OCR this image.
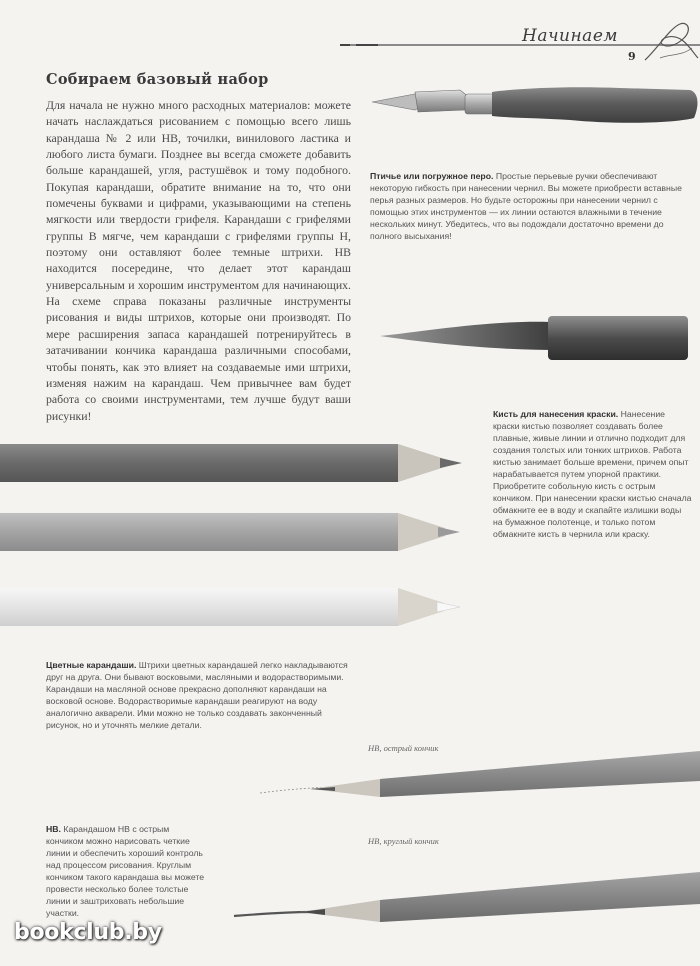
Начинаем
9
Собираем базовый набор

Для начала не нужно много расходных материалов: можете начать наслаждаться рисованием с помощью всего лишь карандаша № 2 или НВ, точилки, винилового ластика и любого листа бумаги. Позднее вы всегда сможете добавить больше карандашей, угля, растушёвок и тому подобного. Покупая карандаши, обратите внимание на то, что они помечены буквами и цифрами, указывающими на степень мягкости или твердости грифеля. Карандаши с грифелями группы В мягче, чем карандаши с грифелями группы Н, поэтому они оставляют более темные штрихи. НВ находится посередине, что делает этот карандаш универсальным и хорошим инструментом для начинающих. На схеме справа показаны различные инструменты рисования и виды штрихов, которые они производят. По мере расширения запаса карандашей потренируйтесь в затачивании кончика карандаша различными способами, чтобы понять, как это влияет на создаваемые ими штрихи, изменяя нажим на карандаш. Чем привычнее вам будет работа со своими инструментами, тем лучше будут ваши рисунки!

Птичье или погружное перо. Простые перьевые ручки обеспечивают некоторую гибкость при нанесении чернил. Вы можете приобрести вставные перья разных размеров. Но будьте осторожны при нанесении чернил с помощью этих инструментов — их линии остаются влажными в течение нескольких минут. Убедитесь, что вы подождали достаточно времени до полного высыхания!

Кисть для нанесения краски. Нанесение краски кистью позволяет создавать более плавные, живые линии и отлично подходит для создания толстых или тонких штрихов. Работа кистью занимает больше времени, причем опыт нарабатывается путем упорной практики. Приобретите собольную кисть с острым кончиком. При нанесении краски кистью сначала обмакните ее в воду и скапайте излишки воды на бумажное полотенце, и только потом обмакните кисть в чернила или краску.

Цветные карандаши. Штрихи цветных карандашей легко накладываются друг на друга. Они бывают восковыми, масляными и водорастворимыми. Карандаши на масляной основе прекрасно дополняют карандаши на восковой основе. Водорастворимые карандаши реагируют на воду аналогично акварели. Ими можно не только создавать законченный рисунок, но и уточнять мелкие детали.

НВ, острый кончик
НВ, круглый кончик

НВ. Карандашом НВ с острым кончиком можно нарисовать четкие линии и обеспечить хороший контроль над процессом рисования. Круглым кончиком такого карандаша вы можете провести несколько более толстые линии и заштриховать небольшие участки.

bookclub.by
